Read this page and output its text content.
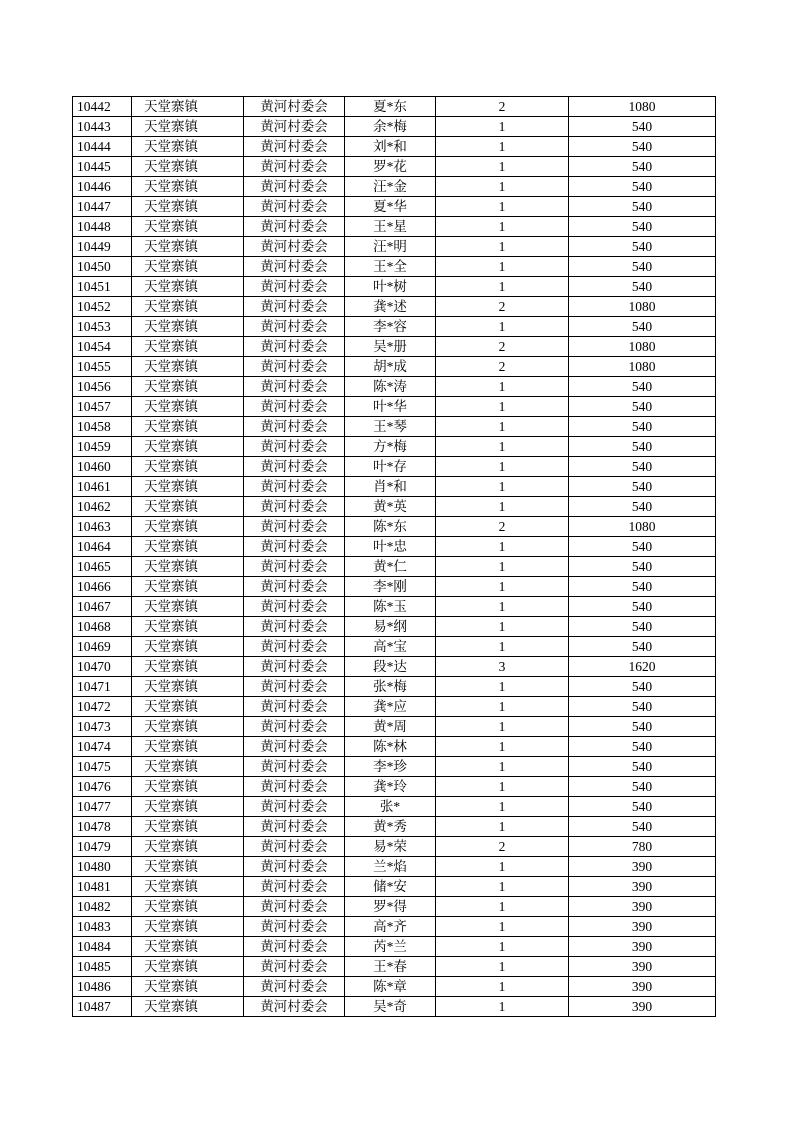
10442	天堂寨镇	黄河村委会	夏*东	2	1080
10443	天堂寨镇	黄河村委会	余*梅	1	540
10444	天堂寨镇	黄河村委会	刘*和	1	540
10445	天堂寨镇	黄河村委会	罗*花	1	540
10446	天堂寨镇	黄河村委会	汪*金	1	540
10447	天堂寨镇	黄河村委会	夏*华	1	540
10448	天堂寨镇	黄河村委会	王*星	1	540
10449	天堂寨镇	黄河村委会	汪*明	1	540
10450	天堂寨镇	黄河村委会	王*全	1	540
10451	天堂寨镇	黄河村委会	叶*树	1	540
10452	天堂寨镇	黄河村委会	龚*述	2	1080
10453	天堂寨镇	黄河村委会	李*容	1	540
10454	天堂寨镇	黄河村委会	吴*册	2	1080
10455	天堂寨镇	黄河村委会	胡*成	2	1080
10456	天堂寨镇	黄河村委会	陈*涛	1	540
10457	天堂寨镇	黄河村委会	叶*华	1	540
10458	天堂寨镇	黄河村委会	王*琴	1	540
10459	天堂寨镇	黄河村委会	方*梅	1	540
10460	天堂寨镇	黄河村委会	叶*存	1	540
10461	天堂寨镇	黄河村委会	肖*和	1	540
10462	天堂寨镇	黄河村委会	黄*英	1	540
10463	天堂寨镇	黄河村委会	陈*东	2	1080
10464	天堂寨镇	黄河村委会	叶*忠	1	540
10465	天堂寨镇	黄河村委会	黄*仁	1	540
10466	天堂寨镇	黄河村委会	李*刚	1	540
10467	天堂寨镇	黄河村委会	陈*玉	1	540
10468	天堂寨镇	黄河村委会	易*纲	1	540
10469	天堂寨镇	黄河村委会	高*宝	1	540
10470	天堂寨镇	黄河村委会	段*达	3	1620
10471	天堂寨镇	黄河村委会	张*梅	1	540
10472	天堂寨镇	黄河村委会	龚*应	1	540
10473	天堂寨镇	黄河村委会	黄*周	1	540
10474	天堂寨镇	黄河村委会	陈*林	1	540
10475	天堂寨镇	黄河村委会	李*珍	1	540
10476	天堂寨镇	黄河村委会	龚*玲	1	540
10477	天堂寨镇	黄河村委会	张*	1	540
10478	天堂寨镇	黄河村委会	黄*秀	1	540
10479	天堂寨镇	黄河村委会	易*荣	2	780
10480	天堂寨镇	黄河村委会	兰*焰	1	390
10481	天堂寨镇	黄河村委会	储*安	1	390
10482	天堂寨镇	黄河村委会	罗*得	1	390
10483	天堂寨镇	黄河村委会	高*齐	1	390
10484	天堂寨镇	黄河村委会	芮*兰	1	390
10485	天堂寨镇	黄河村委会	王*春	1	390
10486	天堂寨镇	黄河村委会	陈*章	1	390
10487	天堂寨镇	黄河村委会	吴*奇	1	390
